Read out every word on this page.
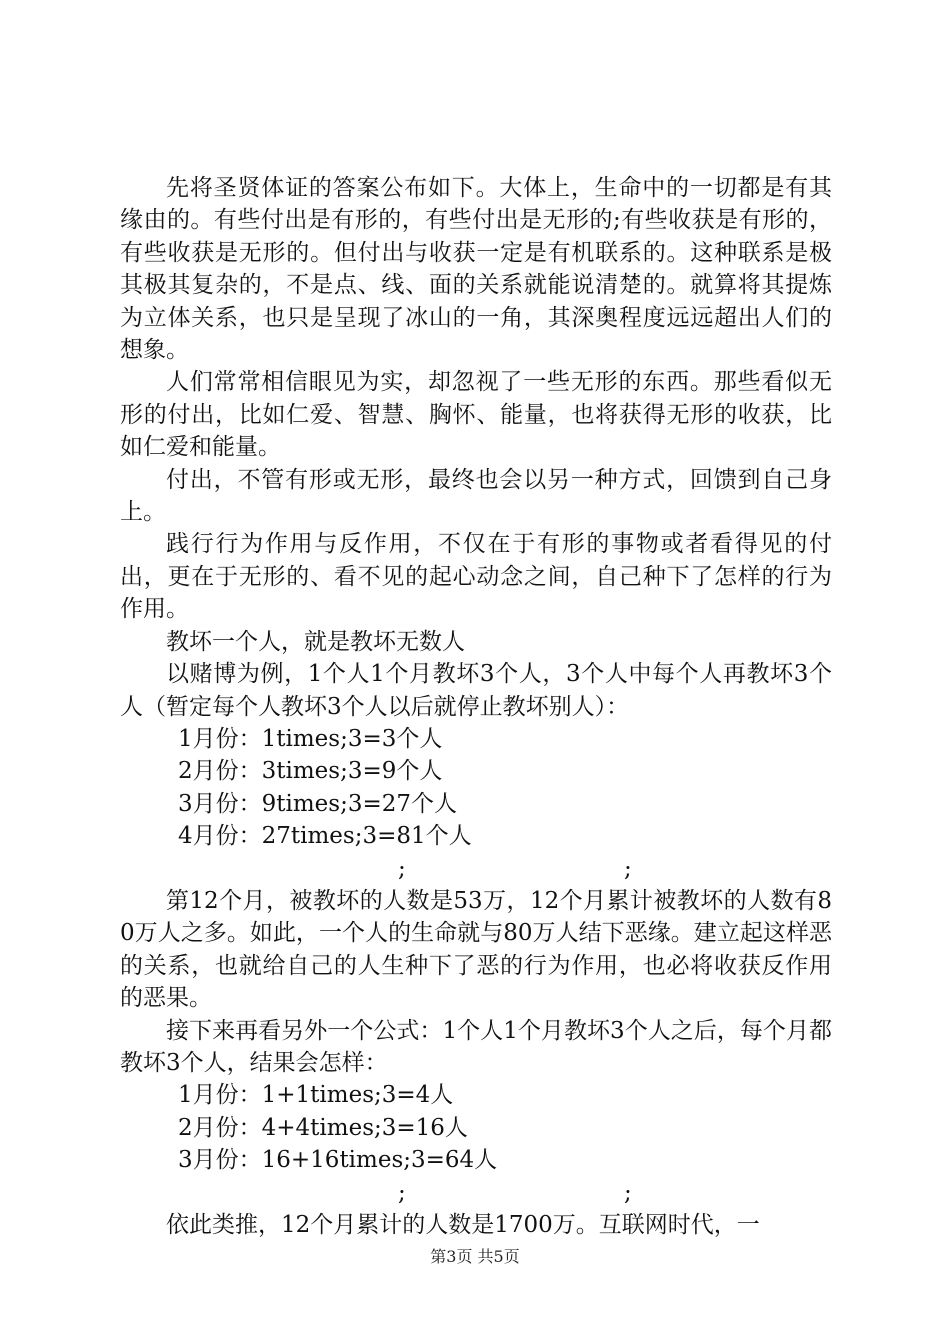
先将圣贤体证的答案公布如下。大体上，生命中的一切都是有其缘由的。有些付出是有形的，有些付出是无形的;有些收获是有形的，有些收获是无形的。但付出与收获一定是有机联系的。这种联系是极其极其复杂的，不是点、线、面的关系就能说清楚的。就算将其提炼为立体关系，也只是呈现了冰山的一角，其深奥程度远远超出人们的想象。

人们常常相信眼见为实，却忽视了一些无形的东西。那些看似无形的付出，比如仁爱、智慧、胸怀、能量，也将获得无形的收获，比如仁爱和能量。

付出，不管有形或无形，最终也会以另一种方式，回馈到自己身上。

践行行为作用与反作用，不仅在于有形的事物或者看得见的付出，更在于无形的、看不见的起心动念之间，自己种下了怎样的行为作用。

教坏一个人，就是教坏无数人

以赌博为例，1个人1个月教坏3个人，3个人中每个人再教坏3个人（暂定每个人教坏3个人以后就停止教坏别人）：

1月份：1times;3=3个人
2月份：3times;3=9个人
3月份：9times;3=27个人
4月份：27times;3=81个人
;	;

第12个月，被教坏的人数是53万，12个月累计被教坏的人数有80万人之多。如此，一个人的生命就与80万人结下恶缘。建立起这样恶的关系，也就给自己的人生种下了恶的行为作用，也必将收获反作用的恶果。

接下来再看另外一个公式：1个人1个月教坏3个人之后，每个月都教坏3个人，结果会怎样：

1月份：1+1times;3=4人
2月份：4+4times;3=16人
3月份：16+16times;3=64人
;	;

依此类推，12个月累计的人数是1700万。互联网时代，一

第3页 共5页
